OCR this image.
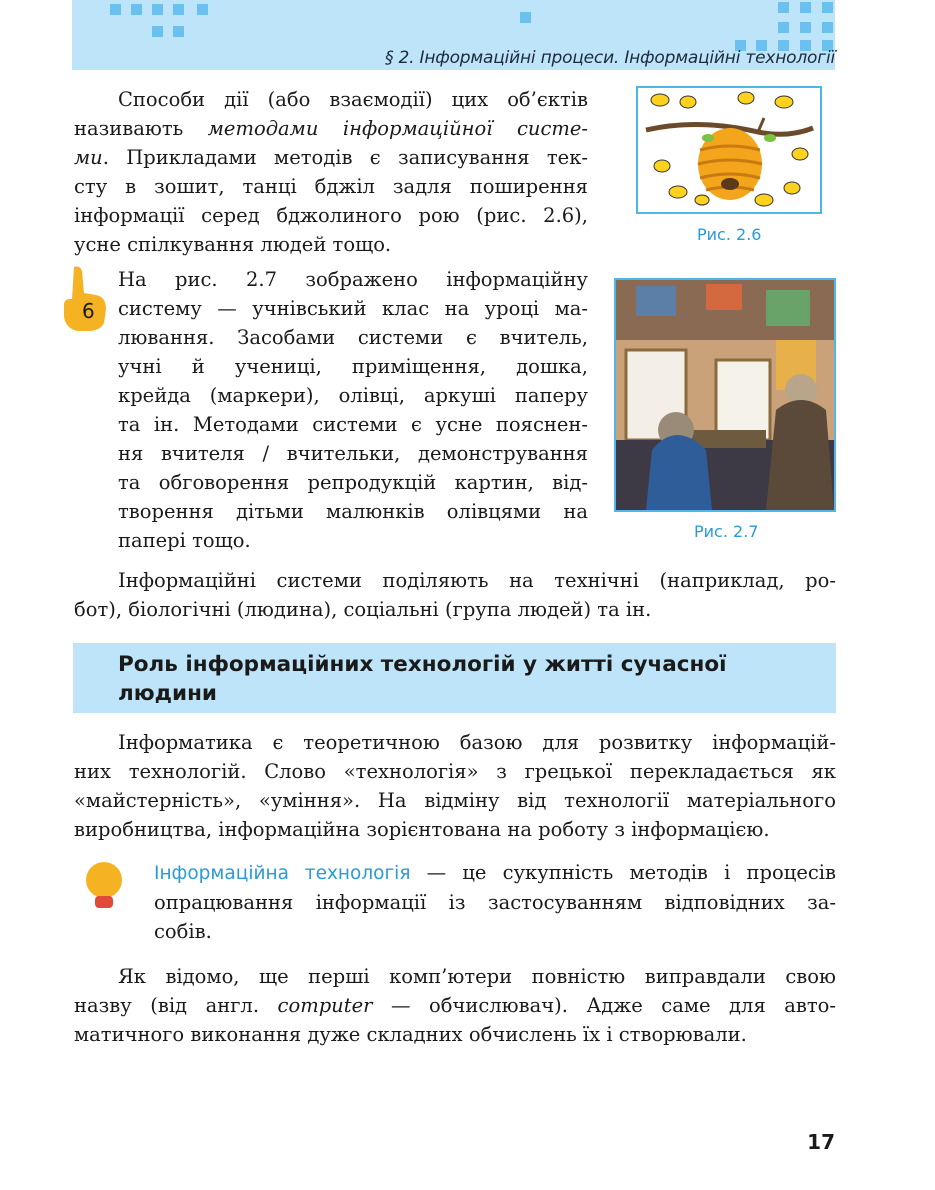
§ 2. Інформаційні процеси. Інформаційні технології
Способи дії (або взаємодії) цих об’єктів
називають методами інформаційної систе-
ми. Прикладами методів є записування тек-
сту в зошит, танці бджіл задля поширення
інформації серед бджолиного рою (рис. 2.6),
усне спілкування людей тощо.	Рис. 2.6
6
На рис. 2.7 зображено інформаційну
систему — учнівський клас на уроці ма-
лювання. Засобами системи є вчитель,
учні й учениці, приміщення, дошка,
крейда (маркери), олівці, аркуші паперу
та ін. Методами системи є усне пояснен-
ня вчителя / вчительки, демонстрування
та обговорення репродукцій картин, від-
творення дітьми малюнків олівцями на
папері тощо.	Рис. 2.7
Інформаційні системи поділяють на технічні (наприклад, ро-
бот), біологічні (людина), соціальні (група людей) та ін.
Роль інформаційних технологій у житті сучасної
людини
Інформатика є теоретичною базою для розвитку інформацій-
них технологій. Слово «технологія» з грецької перекладається як
«майстерність», «уміння». На відміну від технології матеріального
виробництва, інформаційна зорієнтована на роботу з інформацією.
Інформаційна технологія — це сукупність методів і процесів
опрацювання інформації із застосуванням відповідних за-
собів.
Як відомо, ще перші комп’ютери повністю виправдали свою
назву (від англ. computer — обчислювач). Адже саме для авто-
матичного виконання дуже складних обчислень їх і створювали.
17
